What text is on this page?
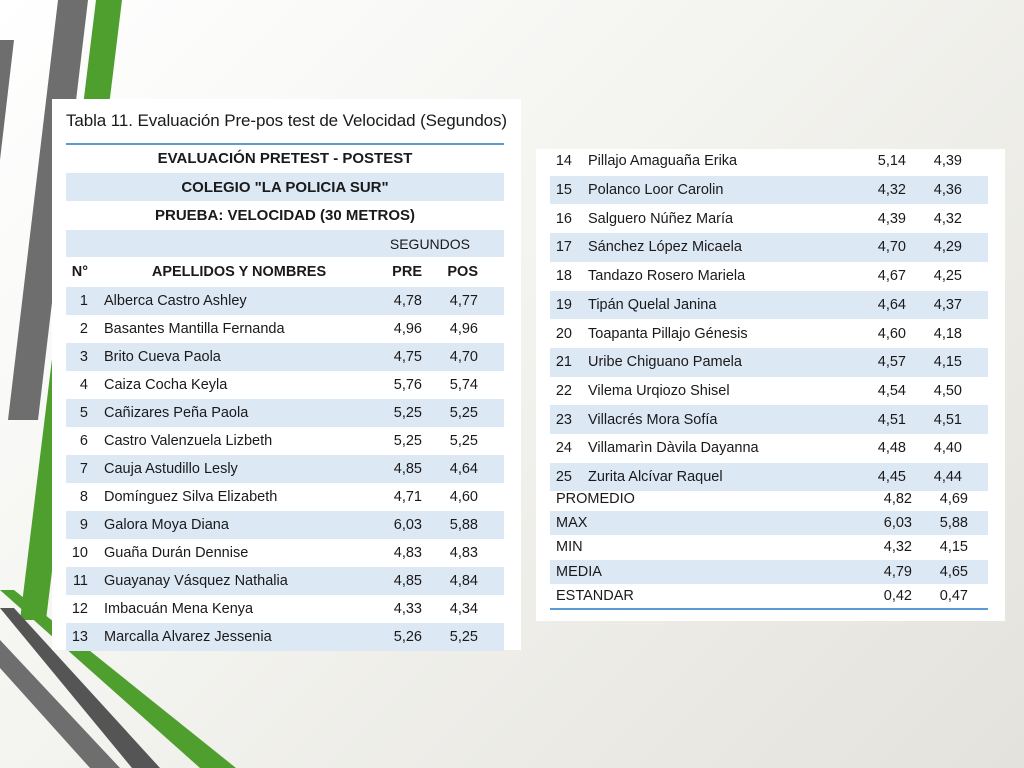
Tabla 11. Evaluación Pre-pos test de Velocidad (Segundos)
EVALUACIÓN PRETEST - POSTEST
COLEGIO "LA POLICIA SUR"
PRUEBA: VELOCIDAD (30 METROS)
SEGUNDOS
N°	APELLIDOS Y NOMBRES	PRE	POS
1	Alberca Castro Ashley	4,78	4,77
2	Basantes Mantilla Fernanda	4,96	4,96
3	Brito Cueva Paola	4,75	4,70
4	Caiza Cocha Keyla	5,76	5,74
5	Cañizares Peña Paola	5,25	5,25
6	Castro Valenzuela Lizbeth	5,25	5,25
7	Cauja Astudillo Lesly	4,85	4,64
8	Domínguez Silva Elizabeth	4,71	4,60
9	Galora Moya Diana	6,03	5,88
10	Guaña Durán Dennise	4,83	4,83
11	Guayanay Vásquez Nathalia	4,85	4,84
12	Imbacuán Mena Kenya	4,33	4,34
13	Marcalla Alvarez Jessenia	5,26	5,25
14	Pillajo Amaguaña Erika	5,14	4,39
15	Polanco Loor Carolin	4,32	4,36
16	Salguero Núñez María	4,39	4,32
17	Sánchez López Micaela	4,70	4,29
18	Tandazo Rosero Mariela	4,67	4,25
19	Tipán Quelal Janina	4,64	4,37
20	Toapanta Pillajo Génesis	4,60	4,18
21	Uribe Chiguano Pamela	4,57	4,15
22	Vilema Urqiozo Shisel	4,54	4,50
23	Villacrés Mora Sofía	4,51	4,51
24	Villamarìn Dàvila Dayanna	4,48	4,40
25	Zurita Alcívar Raquel	4,45	4,44
PROMEDIO	4,82	4,69
MAX	6,03	5,88
MIN	4,32	4,15
MEDIA	4,79	4,65
ESTANDAR	0,42	0,47
